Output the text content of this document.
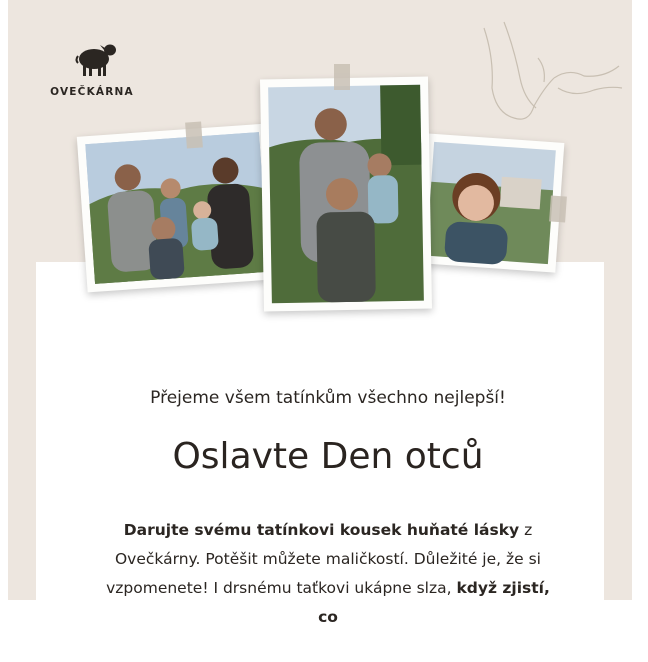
OVEČKÁRNA
Přejeme všem tatínkům všechno nejlepší!
Oslavte Den otců
Darujte svému tatínkovi kousek huňaté lásky z Ovečkárny. Potěšit můžete maličkostí. Důležité je, že si vzpomenete! I drsnému taťkovi ukápne slza, když zjistí, co
